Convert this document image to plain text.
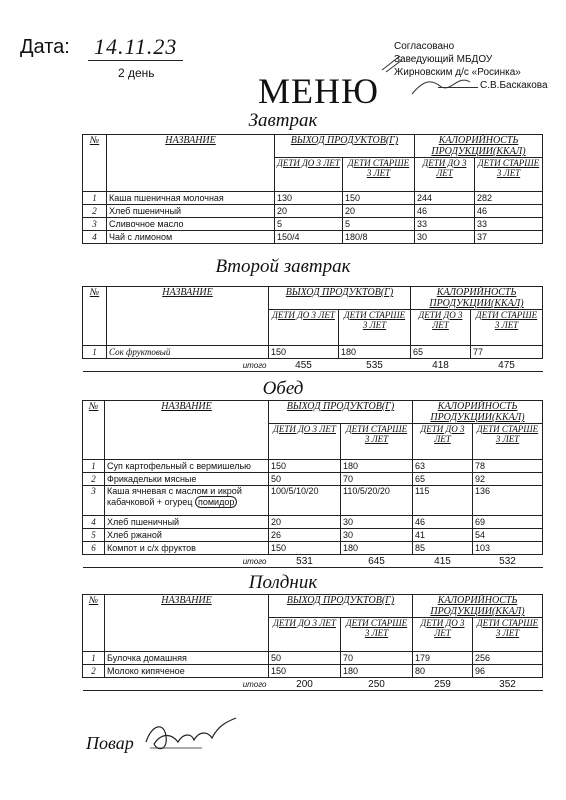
Дата: 14.11.23
2 день
Согласовано
Заведующий МБДОУ
Жирновским д/с «Росинка»
С.В.Баскакова
МЕНЮ
Завтрак
№	НАЗВАНИЕ	ВЫХОД ПРОДУКТОВ(Г)		КАЛОРИЙНОСТЬ ПРОДУКЦИИ(ККАЛ)	
		ДЕТИ ДО 3 ЛЕТ	ДЕТИ СТАРШЕ 3 ЛЕТ	ДЕТИ ДО 3 ЛЕТ	ДЕТИ СТАРШЕ 3 ЛЕТ
1	Каша пшеничная молочная	130	150	244	282
2	Хлеб пшеничный	20	20	46	46
3	Сливочное масло	5	5	33	33
4	Чай с лимоном	150/4	180/8	30	37
Второй завтрак
№	НАЗВАНИЕ	ВЫХОД ПРОДУКТОВ(Г)		КАЛОРИЙНОСТЬ ПРОДУКЦИИ(ККАЛ)	
		ДЕТИ ДО 3 ЛЕТ	ДЕТИ СТАРШЕ 3 ЛЕТ	ДЕТИ ДО 3 ЛЕТ	ДЕТИ СТАРШЕ 3 ЛЕТ
1	Сок фруктовый	150	180	65	77
	итого	455	535	418	475
Обед
№	НАЗВАНИЕ	ВЫХОД ПРОДУКТОВ(Г)		КАЛОРИЙНОСТЬ ПРОДУКЦИИ(ККАЛ)	
		ДЕТИ ДО 3 ЛЕТ	ДЕТИ СТАРШЕ 3 ЛЕТ	ДЕТИ ДО 3 ЛЕТ	ДЕТИ СТАРШЕ 3 ЛЕТ
1	Суп картофельный с вермишелью	150	180	63	78
2	Фрикадельки мясные	50	70	65	92
3	Каша ячневая с маслом и икрой
кабачковой + огурец помидор	100/5/10/20	110/5/20/20	115	136
4	Хлеб пшеничный	20	30	46	69
5	Хлеб ржаной	26	30	41	54
6	Компот и с/х фруктов	150	180	85	103
	итого	531	645	415	532
Полдник
№	НАЗВАНИЕ	ВЫХОД ПРОДУКТОВ(Г)		КАЛОРИЙНОСТЬ ПРОДУКЦИИ(ККАЛ)	
		ДЕТИ ДО 3 ЛЕТ	ДЕТИ СТАРШЕ 3 ЛЕТ	ДЕТИ ДО 3 ЛЕТ	ДЕТИ СТАРШЕ 3 ЛЕТ
1	Булочка домашняя	50	70	179	256
2	Молоко кипяченое	150	180	80	96
	итого	200	250	259	352
Повар
